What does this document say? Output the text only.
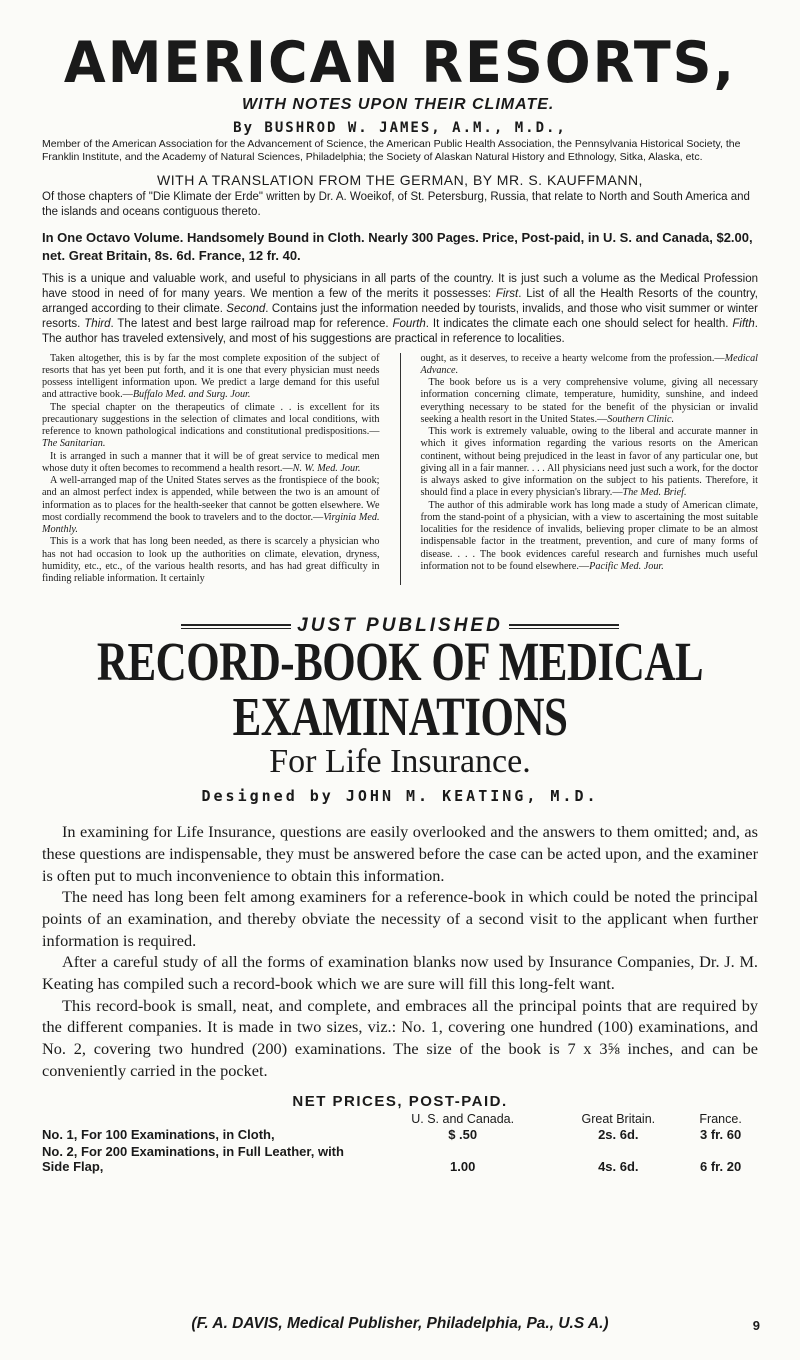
AMERICAN RESORTS,
WITH NOTES UPON THEIR CLIMATE.
By BUSHROD W. JAMES, A.M., M.D.,
Member of the American Association for the Advancement of Science, the American Public Health Association, the Pennsylvania Historical Society, the Franklin Institute, and the Academy of Natural Sciences, Philadelphia; the Society of Alaskan Natural History and Ethnology, Sitka, Alaska, etc.
WITH A TRANSLATION FROM THE GERMAN, BY MR. S. KAUFFMANN,
Of those chapters of "Die Klimate der Erde" written by Dr. A. Woeikof, of St. Petersburg, Russia, that relate to North and South America and the islands and oceans contiguous thereto.
In One Octavo Volume. Handsomely Bound in Cloth. Nearly 300 Pages. Price, Post-paid, in U. S. and Canada, $2.00, net. Great Britain, 8s. 6d. France, 12 fr. 40.
This is a unique and valuable work, and useful to physicians in all parts of the country. It is just such a volume as the Medical Profession have stood in need of for many years. We mention a few of the merits it possesses: First. List of all the Health Resorts of the country, arranged according to their climate. Second. Contains just the information needed by tourists, invalids, and those who visit summer or winter resorts. Third. The latest and best large railroad map for reference. Fourth. It indicates the climate each one should select for health. Fifth. The author has traveled extensively, and most of his suggestions are practical in reference to localities.

Taken altogether, this is by far the most complete exposition of the subject of resorts that has yet been put forth, and it is one that every physician must needs possess intelligent information upon. We predict a large demand for this useful and attractive book.—Buffalo Med. and Surg. Jour.

The special chapter on the therapeutics of climate . . is excellent for its precautionary suggestions in the selection of climates and local conditions, with reference to known pathological indications and constitutional predispositions.—The Sanitarian.

It is arranged in such a manner that it will be of great service to medical men whose duty it often becomes to recommend a health resort.—N. W. Med. Jour.

A well-arranged map of the United States serves as the frontispiece of the book; and an almost perfect index is appended, while between the two is an amount of information as to places for the health-seeker that cannot be gotten elsewhere. We most cordially recommend the book to travelers and to the doctor.—Virginia Med. Monthly.

This is a work that has long been needed, as there is scarcely a physician who has not had occasion to look up the authorities on climate, elevation, dryness, humidity, etc., etc., of the various health resorts, and has had great difficulty in finding reliable information. It certainly

ought, as it deserves, to receive a hearty welcome from the profession.—Medical Advance.

The book before us is a very comprehensive volume, giving all necessary information concerning climate, temperature, humidity, sunshine, and indeed everything necessary to be stated for the benefit of the physician or invalid seeking a health resort in the United States.—Southern Clinic.

This work is extremely valuable, owing to the liberal and accurate manner in which it gives information regarding the various resorts on the American continent, without being prejudiced in the least in favor of any particular one, but giving all in a fair manner. . . . All physicians need just such a work, for the doctor is always asked to give information on the subject to his patients. Therefore, it should find a place in every physician's library.—The Med. Brief.

The author of this admirable work has long made a study of American climate, from the stand-point of a physician, with a view to ascertaining the most suitable localities for the residence of invalids, believing proper climate to be an almost indispensable factor in the treatment, prevention, and cure of many forms of disease. . . . The book evidences careful research and furnishes much useful information not to be found elsewhere.—Pacific Med. Jour.

JUST PUBLISHED
RECORD-BOOK OF MEDICAL EXAMINATIONS
For Life Insurance.
Designed by JOHN M. KEATING, M.D.

In examining for Life Insurance, questions are easily overlooked and the answers to them omitted; and, as these questions are indispensable, they must be answered before the case can be acted upon, and the examiner is often put to much inconvenience to obtain this information.

The need has long been felt among examiners for a reference-book in which could be noted the principal points of an examination, and thereby obviate the necessity of a second visit to the applicant when further information is required.

After a careful study of all the forms of examination blanks now used by Insurance Companies, Dr. J. M. Keating has compiled such a record-book which we are sure will fill this long-felt want.

This record-book is small, neat, and complete, and embraces all the principal points that are required by the different companies. It is made in two sizes, viz.: No. 1, covering one hundred (100) examinations, and No. 2, covering two hundred (200) examinations. The size of the book is 7 x 3⅝ inches, and can be conveniently carried in the pocket.

NET PRICES, POST-PAID.
	U. S. and Canada.	Great Britain.	France.
No. 1, For 100 Examinations, in Cloth,	$ .50	2s. 6d.	3 fr. 60
No. 2, For 200 Examinations, in Full Leather, with Side Flap,	1.00	4s. 6d.	6 fr. 20
(F. A. DAVIS, Medical Publisher, Philadelphia, Pa., U.S A.)	9
